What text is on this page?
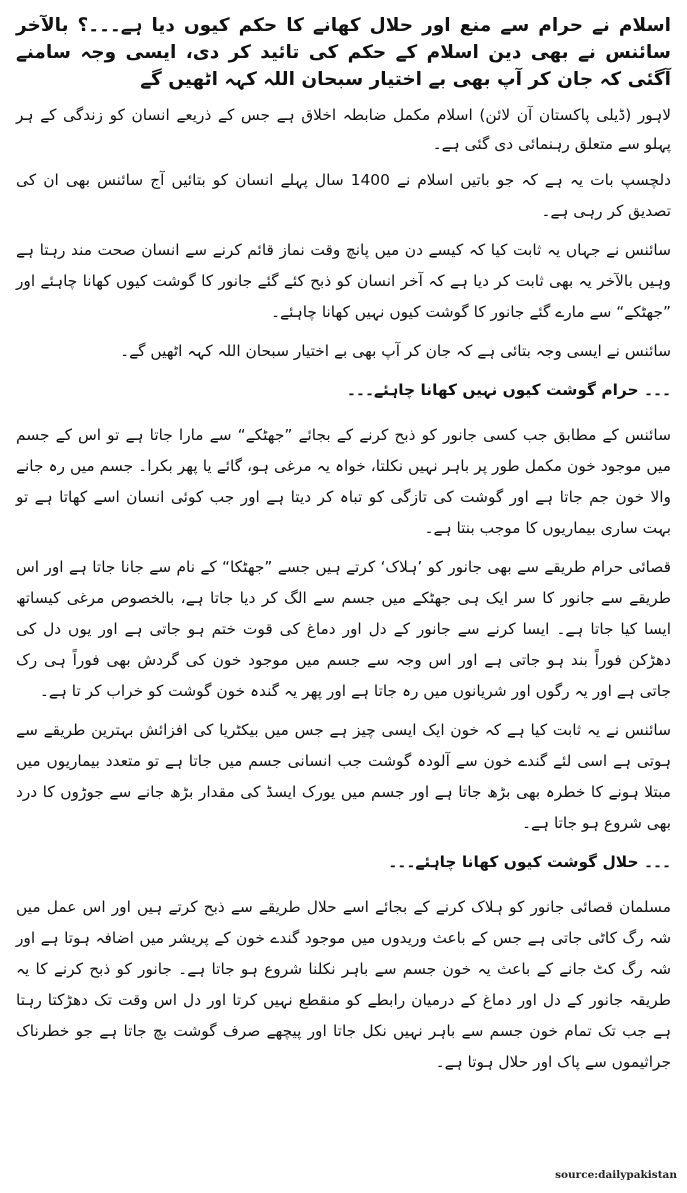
اسلام نے حرام سے منع اور حلال کھانے کا حکم کیوں دیا ہے۔۔۔؟ بالآخر سائنس نے بھی دین اسلام کے حکم کی تائید کر دی، ایسی وجہ سامنے آگئی کہ جان کر آپ بھی بے اختیار سبحان اللہ کہہ اٹھیں گے
لاہور (ڈیلی پاکستان آن لائن) اسلام مکمل ضابطہ اخلاق ہے جس کے ذریعے انسان کو زندگی کے ہر پہلو سے متعلق رہنمائی دی گئی ہے۔
دلچسپ بات یہ ہے کہ جو باتیں اسلام نے 1400 سال پہلے انسان کو بتائیں آج سائنس بھی ان کی تصدیق کر رہی ہے۔
سائنس نے جہاں یہ ثابت کیا کہ کیسے دن میں پانچ وقت نماز قائم کرنے سے انسان صحت مند رہتا ہے وہیں بالآخر یہ بھی ثابت کر دیا ہے کہ آخر انسان کو ذبح کئے گئے جانور کا گوشت کیوں کھانا چاہئے اور ”جھٹکے“ سے مارے گئے جانور کا گوشت کیوں نہیں کھانا چاہئے۔
سائنس نے ایسی وجہ بتائی ہے کہ جان کر آپ بھی بے اختیار سبحان اللہ کہہ اٹھیں گے۔
۔۔۔ حرام گوشت کیوں نہیں کھانا چاہئے۔۔۔
سائنس کے مطابق جب کسی جانور کو ذبح کرنے کے بجائے ”جھٹکے“ سے مارا جاتا ہے تو اس کے جسم میں موجود خون مکمل طور پر باہر نہیں نکلتا، خواہ یہ مرغی ہو، گائے یا پھر بکرا۔ جسم میں رہ جانے والا خون جم جاتا ہے اور گوشت کی تازگی کو تباہ کر دیتا ہے اور جب کوئی انسان اسے کھاتا ہے تو بہت ساری بیماریوں کا موجب بنتا ہے۔
قصائی حرام طریقے سے بھی جانور کو ’ہلاک‘ کرتے ہیں جسے ”جھٹکا“ کے نام سے جانا جاتا ہے اور اس طریقے سے جانور کا سر ایک ہی جھٹکے میں جسم سے الگ کر دیا جاتا ہے، بالخصوص مرغی کیساتھ ایسا کیا جاتا ہے۔ ایسا کرنے سے جانور کے دل اور دماغ کی قوت ختم ہو جاتی ہے اور یوں دل کی دھڑکن فوراً بند ہو جاتی ہے اور اس وجہ سے جسم میں موجود خون کی گردش بھی فوراً ہی رک جاتی ہے اور یہ رگوں اور شریانوں میں رہ جاتا ہے اور پھر یہ گندہ خون گوشت کو خراب کر تا ہے۔
سائنس نے یہ ثابت کیا ہے کہ خون ایک ایسی چیز ہے جس میں بیکٹریا کی افزائش بہترین طریقے سے ہوتی ہے اسی لئے گندے خون سے آلودہ گوشت جب انسانی جسم میں جاتا ہے تو متعدد بیماریوں میں مبتلا ہونے کا خطرہ بھی بڑھ جاتا ہے اور جسم میں یورک ایسڈ کی مقدار بڑھ جانے سے جوڑوں کا درد بھی شروع ہو جاتا ہے۔
۔۔۔ حلال گوشت کیوں کھانا چاہئے۔۔۔
مسلمان قصائی جانور کو ہلاک کرنے کے بجائے اسے حلال طریقے سے ذبح کرتے ہیں اور اس عمل میں شہ رگ کاٹی جاتی ہے جس کے باعث وریدوں میں موجود گندے خون کے پریشر میں اضافہ ہوتا ہے اور شہ رگ کٹ جانے کے باعث یہ خون جسم سے باہر نکلنا شروع ہو جاتا ہے۔ جانور کو ذبح کرنے کا یہ طریقہ جانور کے دل اور دماغ کے درمیان رابطے کو منقطع نہیں کرتا اور دل اس وقت تک دھڑکتا رہتا ہے جب تک تمام خون جسم سے باہر نہیں نکل جاتا اور پیچھے صرف گوشت بچ جاتا ہے جو خطرناک جراثیموں سے پاک اور حلال ہوتا ہے۔
source:dailypakistan
